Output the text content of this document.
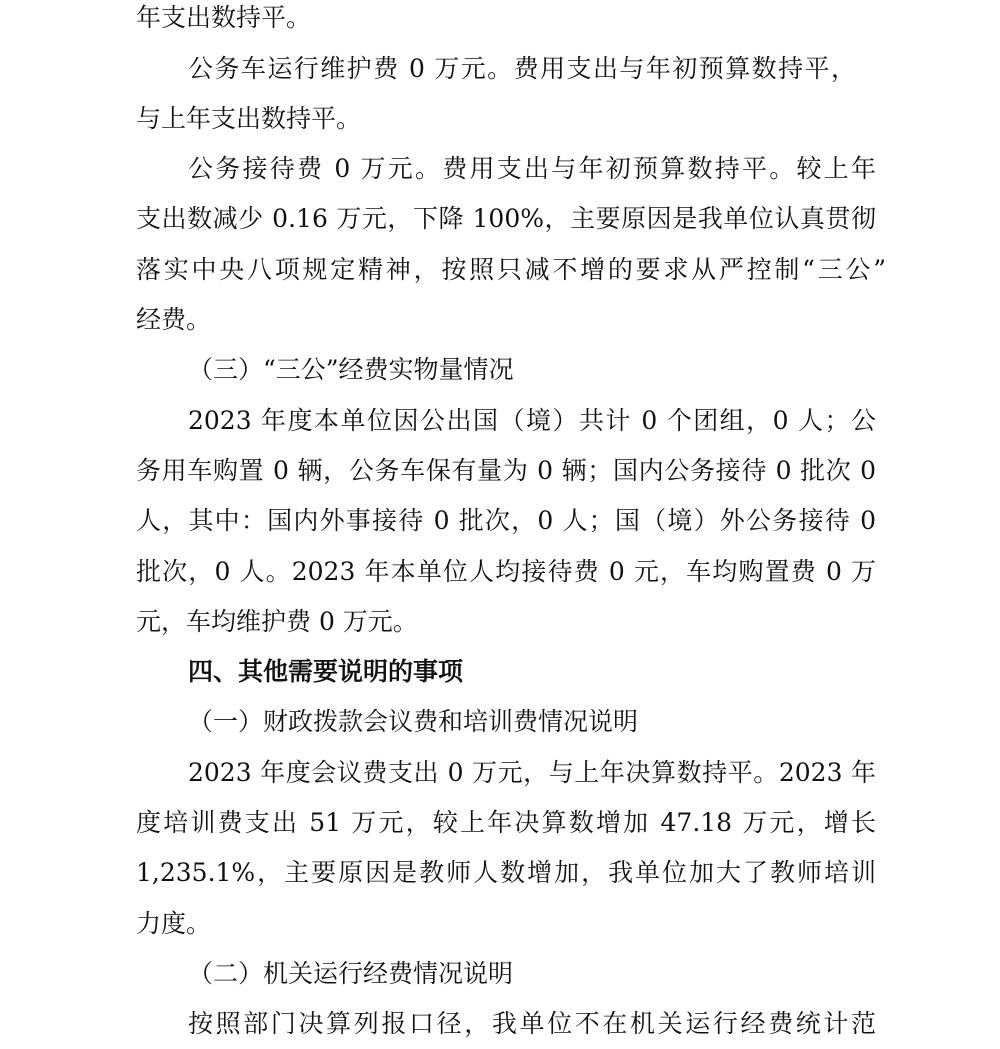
年支出数持平。

公务车运行维护费 0 万元。费用支出与年初预算数持平，

与上年支出数持平。

公务接待费 0 万元。费用支出与年初预算数持平。较上年

支出数减少 0.16 万元，下降 100%，主要原因是我单位认真贯彻

落实中央八项规定精神，按照只减不增的要求从严控制“三公”

经费。

（三）“三公”经费实物量情况

2023 年度本单位因公出国（境）共计 0 个团组，0 人；公

务用车购置 0 辆，公务车保有量为 0 辆；国内公务接待 0 批次 0

人，其中：国内外事接待 0 批次，0 人；国（境）外公务接待 0

批次，0 人。2023 年本单位人均接待费 0 元，车均购置费 0 万

元，车均维护费 0 万元。

四、其他需要说明的事项

（一）财政拨款会议费和培训费情况说明

2023 年度会议费支出 0 万元，与上年决算数持平。2023 年

度培训费支出 51 万元，较上年决算数增加 47.18 万元，增长

1,235.1%，主要原因是教师人数增加，我单位加大了教师培训

力度。

（二）机关运行经费情况说明

按照部门决算列报口径，我单位不在机关运行经费统计范
